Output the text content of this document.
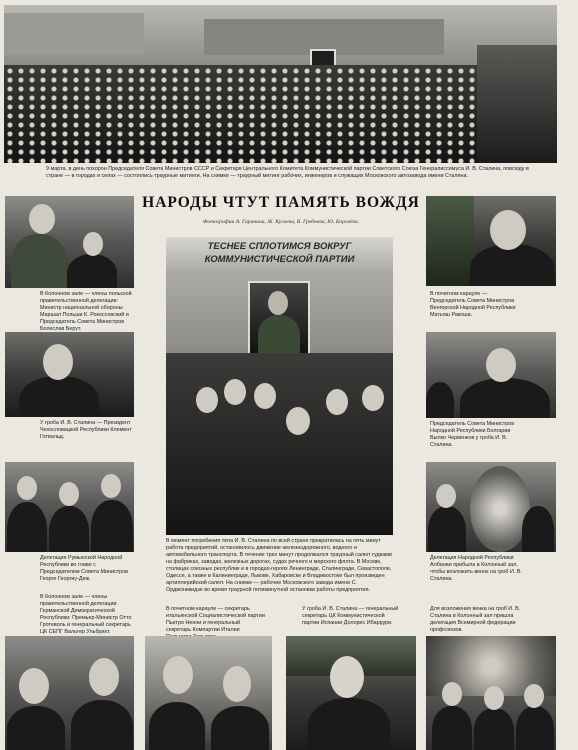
9 марта, в день похорон Председателя Совета Министров СССР и Секретаря Центрального Комитета Коммунистической партии Советского Союза Генералиссимуса И. В. Сталина, повсюду в стране — в городах и селах — состоялись траурные митинги. На снимке — траурный митинг рабочих, инженеров и служащих Московского автозавода имени Сталина.
НАРОДЫ ЧТУТ ПАМЯТЬ ВОЖДЯ
Фотографии А. Гаранина, Ж. Кусаева, В. Гребнева, Ю. Королёва.
В Колонном зале — члены польской правительственной делегации: Министр национальной обороны Маршал Польши К. Рокоссовский и Председатель Совета Министров Болеслав Берут.
У гроба И. В. Сталина — Президент Чехословацкой Республики Клемент Готвальд.
Делегация Румынской Народной Республики во главе с Председателем Совета Министров Георге Георгиу-Деж.
ТЕСНЕЕ СПЛОТИМСЯ ВОКРУГ КОММУНИСТИЧЕСКОЙ ПАРТИИ
В момент погребения тела И. В. Сталина по всей стране прекратилась на пять минут работа предприятий, остановилось движение железнодорожного, водного и автомобильного транспорта. В течение трех минут продолжался траурный салют гудками на фабриках, заводах, железных дорогах, судах речного и морского флота. В Москве, столицах союзных республик и в городах-героях Ленинграде, Сталинграде, Севастополе, Одессе, а также в Калининграде, Львове, Хабаровске и Владивостоке был произведен артиллерийский салют. На снимке — рабочие Московского завода имени С. Орджоникидзе во время траурной пятиминутной остановки работы предприятия.
В почетном карауле — Председатель Совета Министров Венгерской Народной Республики Матьяш Ракоши.
Председатель Совета Министров Народной Республики Болгарии Вылко Червенков у гроба И. В. Сталина.
Делегация Народной Республики Албании прибыла в Колонный зал, чтобы возложить венок на гроб И. В. Сталина.
В Колонном зале — члены правительственной делегации Германской Демократической Республики: Премьер-Министр Отто Гротеволь и генеральный секретарь ЦК СЕПГ Вальтер Ульбрихт.
В почетном карауле — секретарь итальянской Социалистической партии Пьетро Ненни и генеральный секретарь Компартии Италии
У гроба И. В. Сталина — генеральный секретарь ЦК Коммунистической партии Испании Долорес Ибаррури.
Для возложения венка на гроб И. В. Сталина в Колонный зал пришла делегация Всемирной федерации профсоюзов.
